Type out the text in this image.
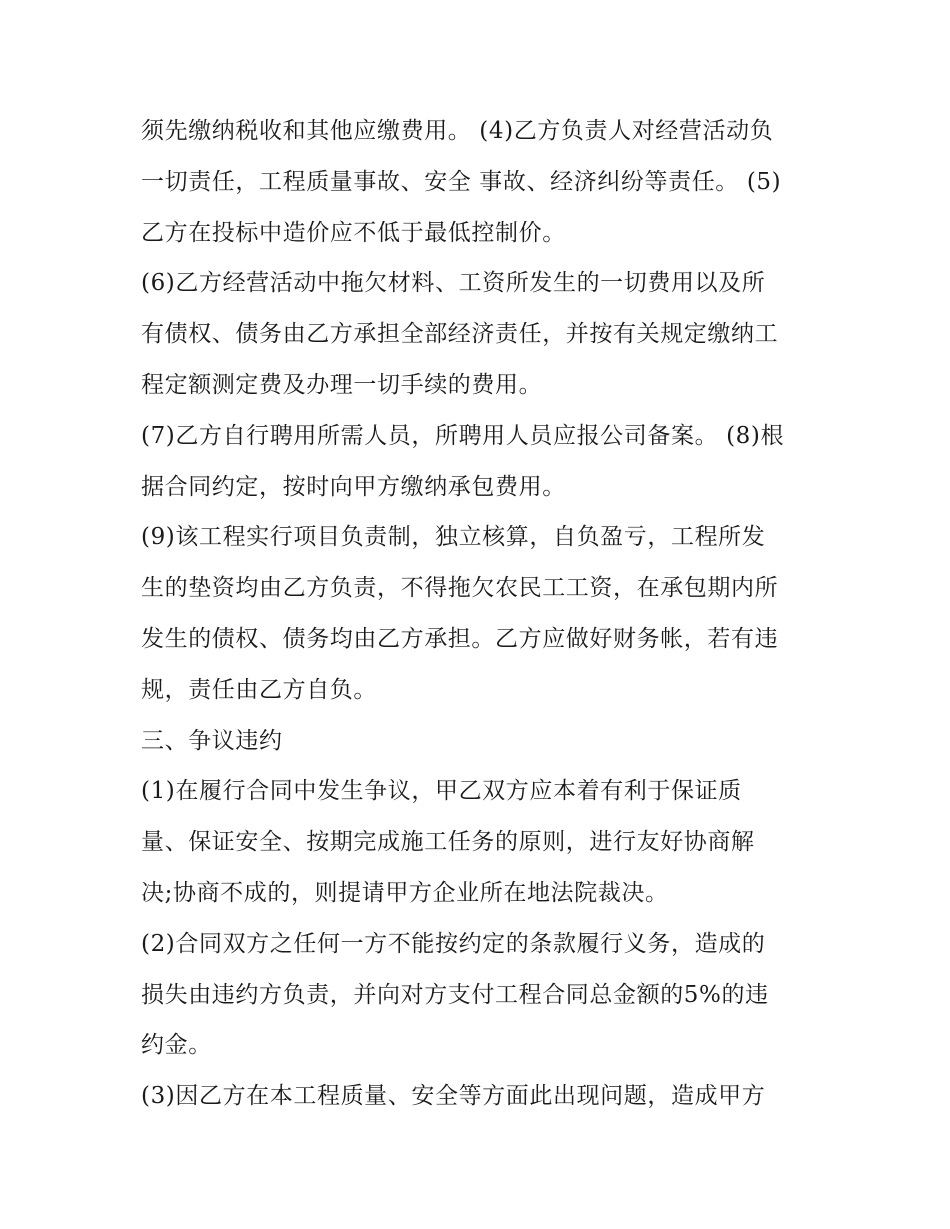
须先缴纳税收和其他应缴费用。 (4)乙方负责人对经营活动负
一切责任，工程质量事故、安全 事故、经济纠纷等责任。 (5)
乙方在投标中造价应不低于最低控制价。
(6)乙方经营活动中拖欠材料、工资所发生的一切费用以及所
有债权、债务由乙方承担全部经济责任，并按有关规定缴纳工
程定额测定费及办理一切手续的费用。
(7)乙方自行聘用所需人员，所聘用人员应报公司备案。 (8)根
据合同约定，按时向甲方缴纳承包费用。
(9)该工程实行项目负责制，独立核算，自负盈亏，工程所发
生的垫资均由乙方负责，不得拖欠农民工工资，在承包期内所
发生的债权、债务均由乙方承担。乙方应做好财务帐，若有违
规，责任由乙方自负。
三、争议违约
(1)在履行合同中发生争议，甲乙双方应本着有利于保证质
量、保证安全、按期完成施工任务的原则，进行友好协商解
决;协商不成的，则提请甲方企业所在地法院裁决。
(2)合同双方之任何一方不能按约定的条款履行义务，造成的
损失由违约方负责，并向对方支付工程合同总金额的5%的违
约金。
(3)因乙方在本工程质量、安全等方面此出现问题，造成甲方
